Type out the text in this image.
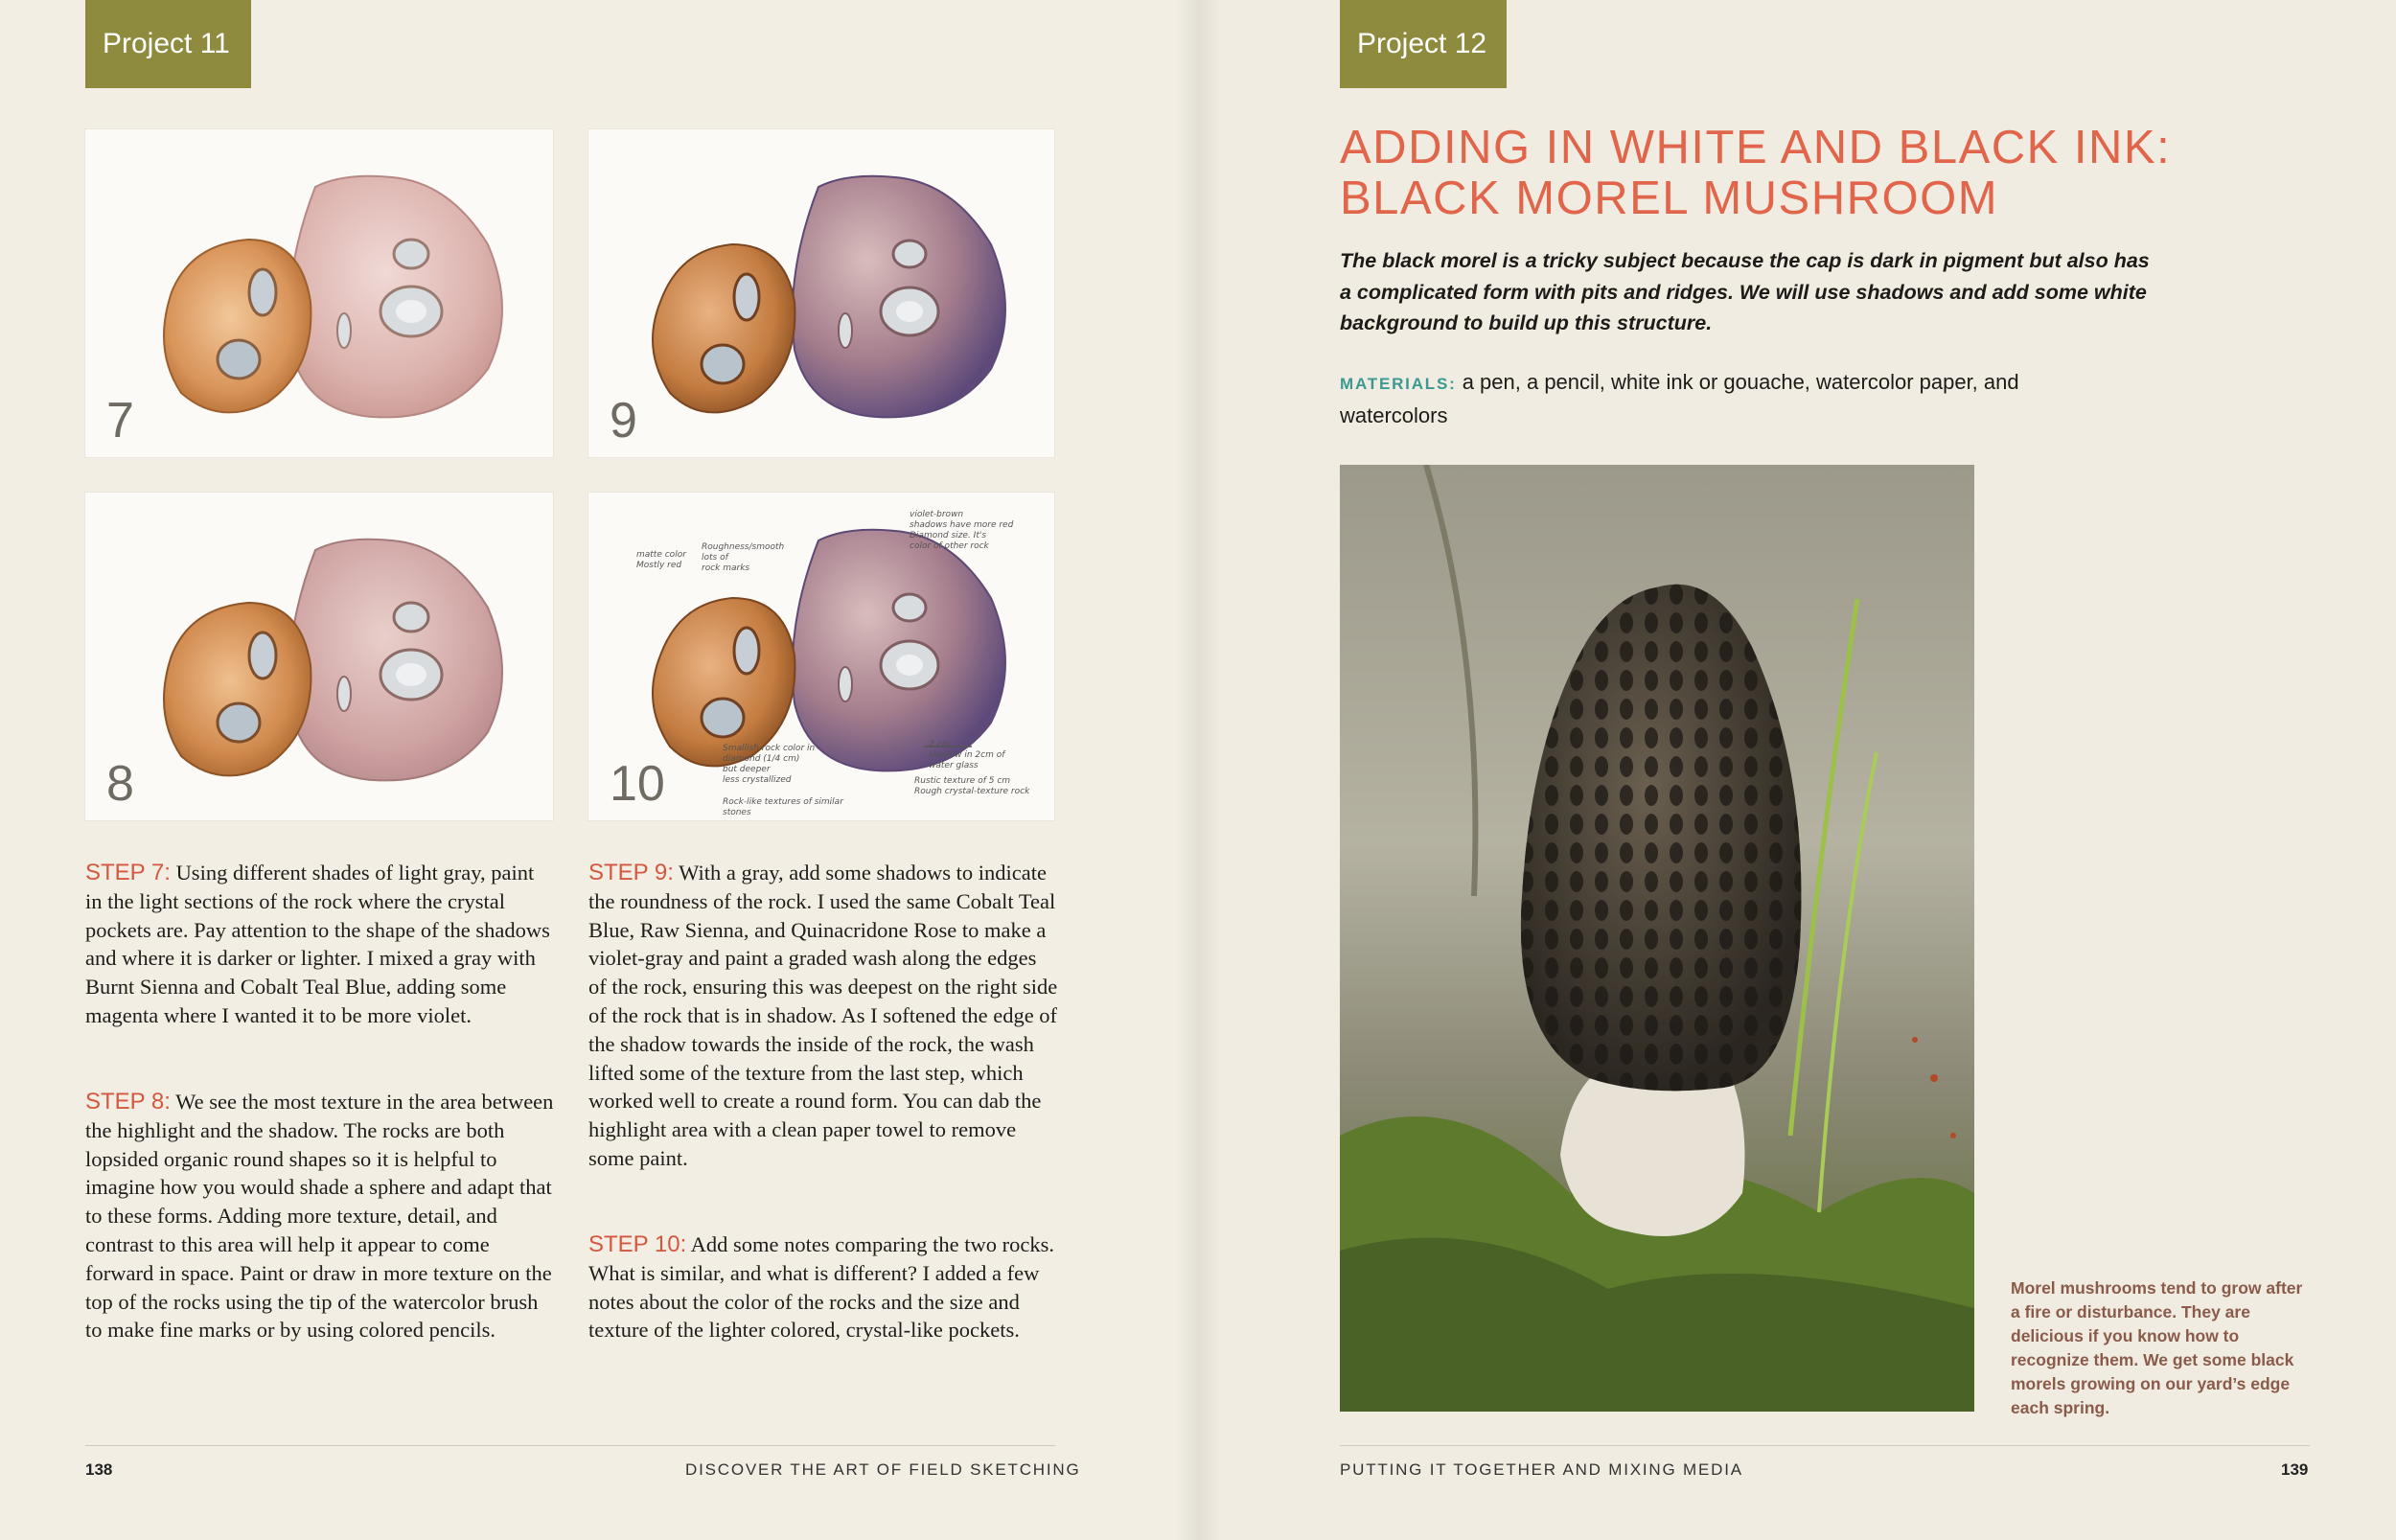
Project 11
7	9
8
matte color
Mostly red
Roughness/smooth
lots of
rock marks
violet-brown
shadows have more red
Diamond size. It's
color of other rock
Smallish rock color in
diamond (1/4 cm)
but deeper
less crystallized
2 cm
shadow in 2cm of
water glass
Rock-like textures of similar
stones
Rustic texture of 5 cm
Rough crystal-texture rock
10
STEP 7: Using different shades of light gray, paint in the light sections of the rock where the crystal pockets are. Pay attention to the shape of the shadows and where it is darker or lighter. I mixed a gray with Burnt Sienna and Cobalt Teal Blue, adding some magenta where I wanted it to be more violet.
STEP 8: We see the most texture in the area between the highlight and the shadow. The rocks are both lopsided organic round shapes so it is helpful to imagine how you would shade a sphere and adapt that to these forms. Adding more texture, detail, and contrast to this area will help it appear to come forward in space. Paint or draw in more texture on the top of the rocks using the tip of the watercolor brush to make fine marks or by using colored pencils.
STEP 9: With a gray, add some shadows to indicate the roundness of the rock. I used the same Cobalt Teal Blue, Raw Sienna, and Quinacridone Rose to make a violet-gray and paint a graded wash along the edges of the rock, ensuring this was deepest on the right side of the rock that is in shadow. As I softened the edge of the shadow towards the inside of the rock, the wash lifted some of the texture from the last step, which worked well to create a round form. You can dab the highlight area with a clean paper towel to remove some paint.
STEP 10: Add some notes comparing the two rocks. What is similar, and what is different? I added a few notes about the color of the rocks and the size and texture of the lighter colored, crystal-like pockets.
138	DISCOVER THE ART OF FIELD SKETCHING
Project 12
ADDING IN WHITE AND BLACK INK:
BLACK MOREL MUSHROOM
The black morel is a tricky subject because the cap is dark in pigment but also has a complicated form with pits and ridges. We will use shadows and add some white background to build up this structure.
MATERIALS: a pen, a pencil, white ink or gouache, watercolor paper, and watercolors
Morel mushrooms tend to grow after a fire or disturbance. They are delicious if you know how to recognize them. We get some black morels growing on our yard’s edge each spring.
PUTTING IT TOGETHER AND MIXING MEDIA	139
